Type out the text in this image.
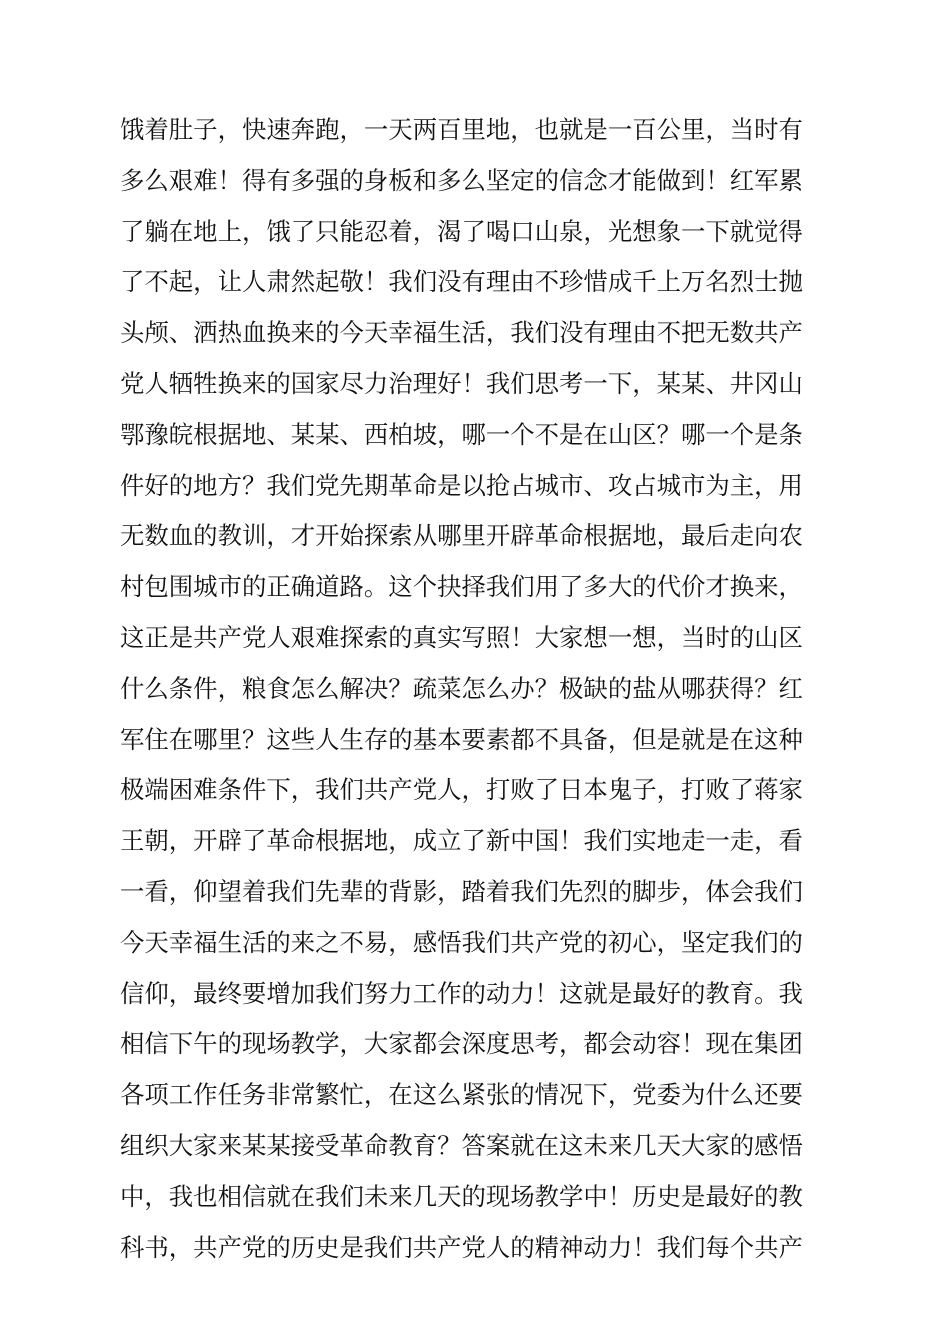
饿着肚子，快速奔跑，一天两百里地，也就是一百公里，当时有
多么艰难！得有多强的身板和多么坚定的信念才能做到！红军累
了躺在地上，饿了只能忍着，渴了喝口山泉，光想象一下就觉得
了不起，让人肃然起敬！我们没有理由不珍惜成千上万名烈士抛
头颅、洒热血换来的今天幸福生活，我们没有理由不把无数共产
党人牺牲换来的国家尽力治理好！我们思考一下，某某、井冈山
鄂豫皖根据地、某某、西柏坡，哪一个不是在山区？哪一个是条
件好的地方？我们党先期革命是以抢占城市、攻占城市为主，用
无数血的教训，才开始探索从哪里开辟革命根据地，最后走向农
村包围城市的正确道路。这个抉择我们用了多大的代价才换来，
这正是共产党人艰难探索的真实写照！大家想一想，当时的山区
什么条件，粮食怎么解决？疏菜怎么办？极缺的盐从哪获得？红
军住在哪里？这些人生存的基本要素都不具备，但是就是在这种
极端困难条件下，我们共产党人，打败了日本鬼子，打败了蒋家
王朝，开辟了革命根据地，成立了新中国！我们实地走一走，看
一看，仰望着我们先辈的背影，踏着我们先烈的脚步，体会我们
今天幸福生活的来之不易，感悟我们共产党的初心，坚定我们的
信仰，最终要增加我们努力工作的动力！这就是最好的教育。我
相信下午的现场教学，大家都会深度思考，都会动容！现在集团
各项工作任务非常繁忙，在这么紧张的情况下，党委为什么还要
组织大家来某某接受革命教育？答案就在这未来几天大家的感悟
中，我也相信就在我们未来几天的现场教学中！历史是最好的教
科书，共产党的历史是我们共产党人的精神动力！我们每个共产
